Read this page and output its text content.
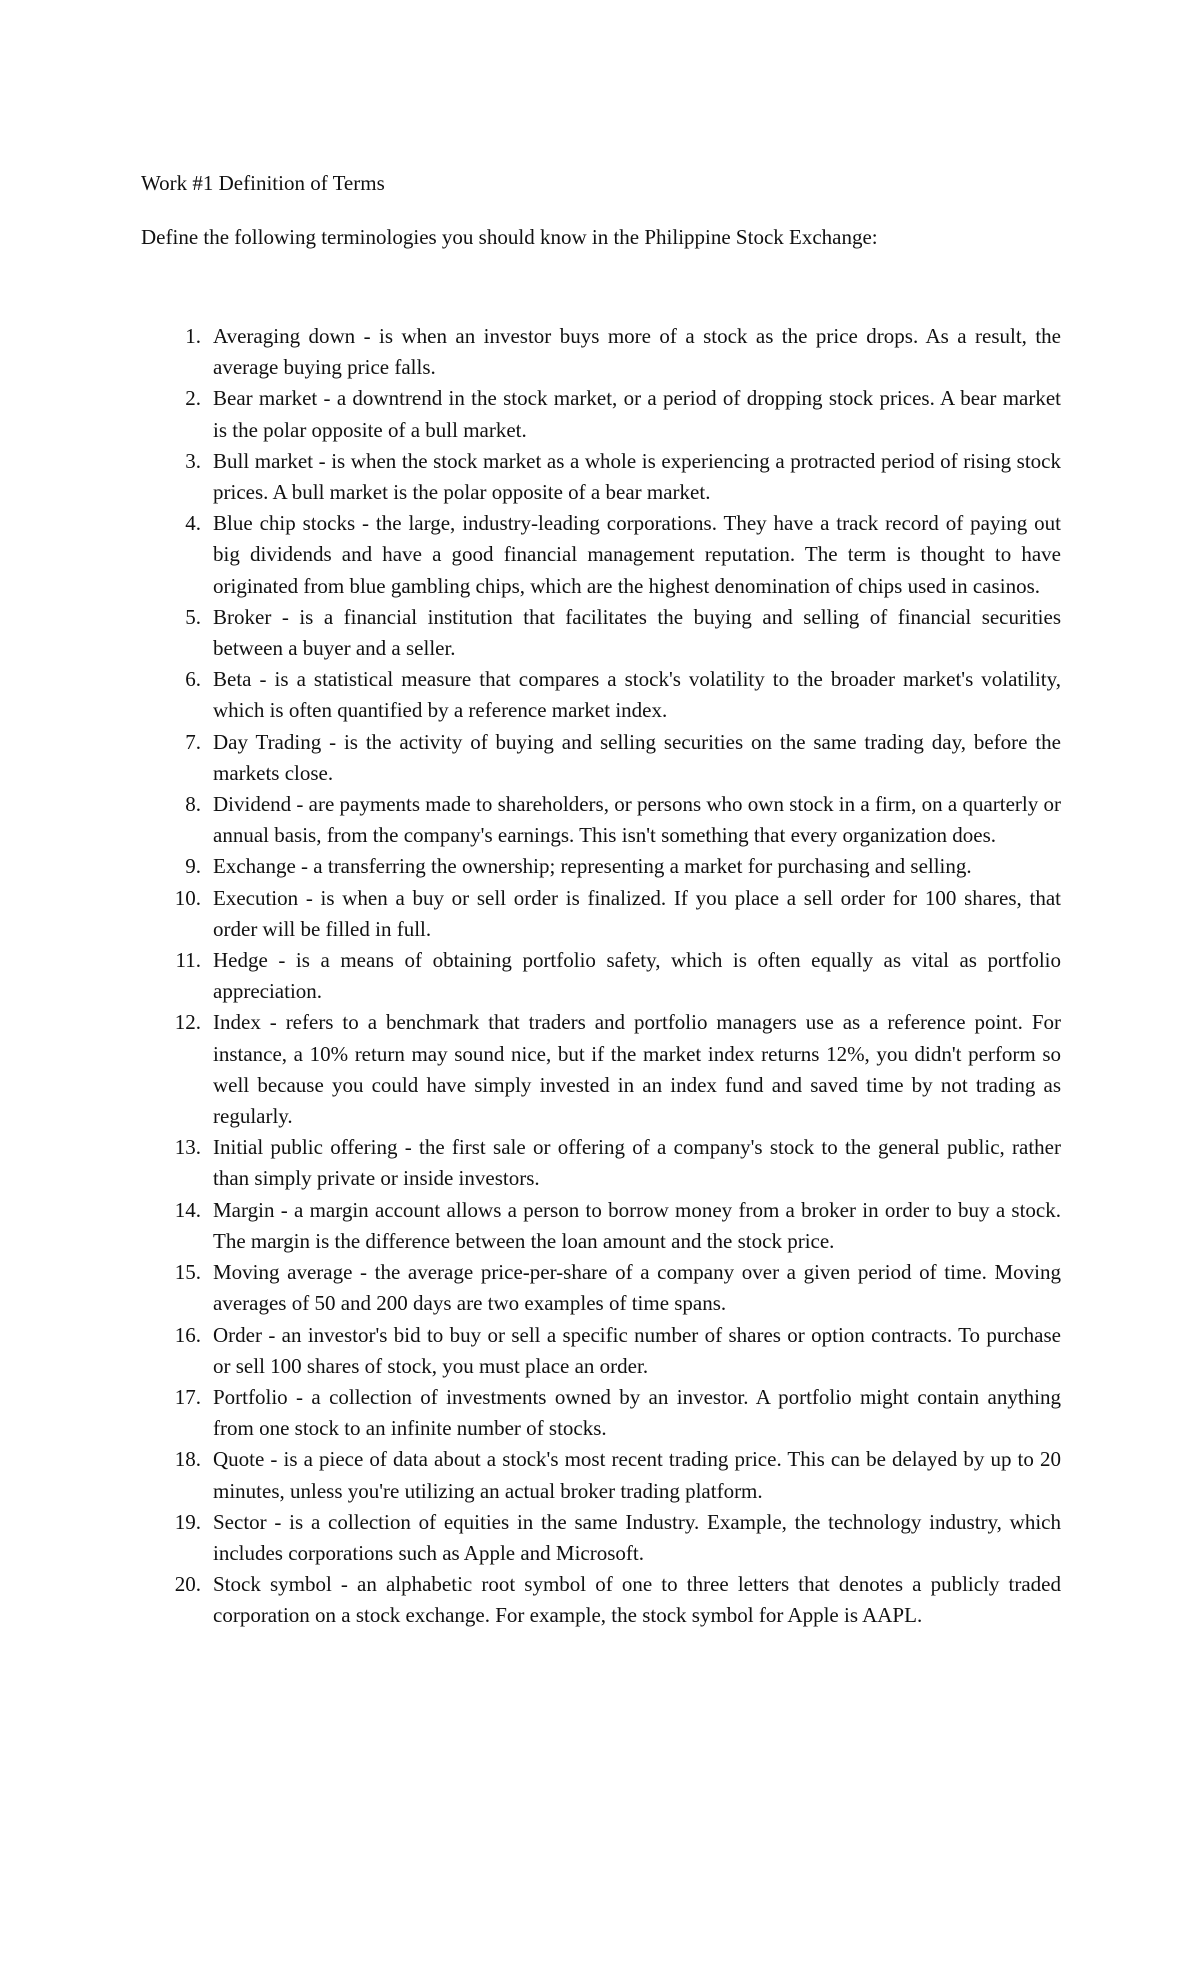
Work #1 Definition of Terms

Define the following terminologies you should know in the Philippine Stock Exchange:

1. Averaging down - is when an investor buys more of a stock as the price drops. As a result, the average buying price falls.
2. Bear market - a downtrend in the stock market, or a period of dropping stock prices. A bear market is the polar opposite of a bull market.
3. Bull market - is when the stock market as a whole is experiencing a protracted period of rising stock prices. A bull market is the polar opposite of a bear market.
4. Blue chip stocks - the large, industry-leading corporations. They have a track record of paying out big dividends and have a good financial management reputation. The term is thought to have originated from blue gambling chips, which are the highest denomination of chips used in casinos.
5. Broker - is a financial institution that facilitates the buying and selling of financial securities between a buyer and a seller.
6. Beta - is a statistical measure that compares a stock's volatility to the broader market's volatility, which is often quantified by a reference market index.
7. Day Trading - is the activity of buying and selling securities on the same trading day, before the markets close.
8. Dividend - are payments made to shareholders, or persons who own stock in a firm, on a quarterly or annual basis, from the company's earnings. This isn't something that every organization does.
9. Exchange - a transferring the ownership; representing a market for purchasing and selling.
10. Execution - is when a buy or sell order is finalized. If you place a sell order for 100 shares, that order will be filled in full.
11. Hedge - is a means of obtaining portfolio safety, which is often equally as vital as portfolio appreciation.
12. Index - refers to a benchmark that traders and portfolio managers use as a reference point. For instance, a 10% return may sound nice, but if the market index returns 12%, you didn't perform so well because you could have simply invested in an index fund and saved time by not trading as regularly.
13. Initial public offering - the first sale or offering of a company's stock to the general public, rather than simply private or inside investors.
14. Margin - a margin account allows a person to borrow money from a broker in order to buy a stock. The margin is the difference between the loan amount and the stock price.
15. Moving average - the average price-per-share of a company over a given period of time. Moving averages of 50 and 200 days are two examples of time spans.
16. Order - an investor's bid to buy or sell a specific number of shares or option contracts. To purchase or sell 100 shares of stock, you must place an order.
17. Portfolio - a collection of investments owned by an investor. A portfolio might contain anything from one stock to an infinite number of stocks.
18. Quote - is a piece of data about a stock's most recent trading price. This can be delayed by up to 20 minutes, unless you're utilizing an actual broker trading platform.
19. Sector - is a collection of equities in the same Industry. Example, the technology industry, which includes corporations such as Apple and Microsoft.
20. Stock symbol - an alphabetic root symbol of one to three letters that denotes a publicly traded corporation on a stock exchange. For example, the stock symbol for Apple is AAPL.
